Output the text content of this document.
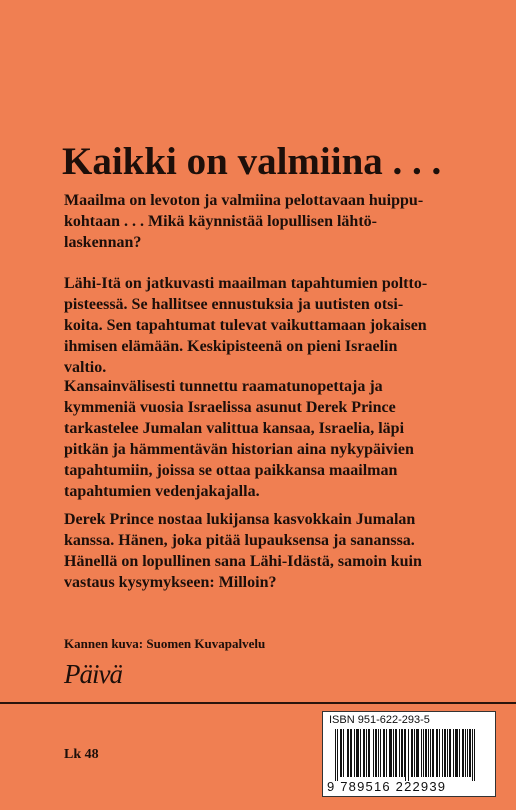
Kaikki on valmiina . . .

Maailma on levoton ja valmiina pelottavaan huippu-
kohtaan . . . Mikä käynnistää lopullisen lähtö-
laskennan?

Lähi-Itä on jatkuvasti maailman tapahtumien poltto-
pisteessä. Se hallitsee ennustuksia ja uutisten otsi-
koita. Sen tapahtumat tulevat vaikuttamaan jokaisen
ihmisen elämään. Keskipisteenä on pieni Israelin
valtio.

Kansainvälisesti tunnettu raamatunopettaja ja
kymmeniä vuosia Israelissa asunut Derek Prince
tarkastelee Jumalan valittua kansaa, Israelia, läpi
pitkän ja hämmentävän historian aina nykypäivien
tapahtumiin, joissa se ottaa paikkansa maailman
tapahtumien vedenjakajalla.

Derek Prince nostaa lukijansa kasvokkain Jumalan
kanssa. Hänen, joka pitää lupauksensa ja sananssa.
Hänellä on lopullinen sana Lähi-Idästä, samoin kuin
vastaus kysymykseen: Milloin?

Kannen kuva: Suomen Kuvapalvelu
Päivä
Lk 48
ISBN 951-622-293-5
9 789516 222939
